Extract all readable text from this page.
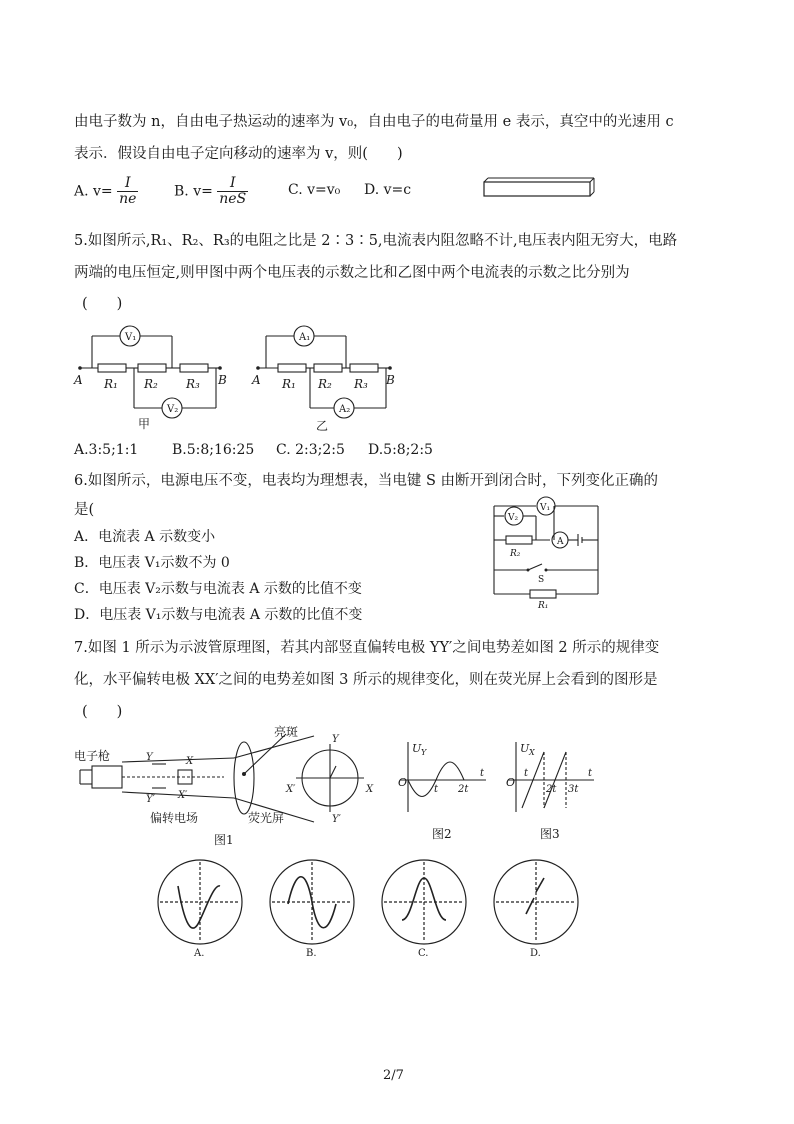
由电子数为 n，自由电子热运动的速率为 v₀，自由电子的电荷量用 e 表示，真空中的光速用 c
表示．假设自由电子定向移动的速率为 v，则(　　)
A. $v= \frac{I}{ne}$	B. $v= \frac{I}{\text{neS}}$	C. v=v₀ D. v=c
5.如图所示,R₁、R₂、R₃的电阻之比是 2∶3∶5,电流表内阻忽略不计,电压表内阻无穷大，电路
两端的电压恒定,则甲图中两个电压表的示数之比和乙图中两个电流表的示数之比分别为
(　　)
V₁
V₂
A	B
R₁ R₂ R₃
甲
A₁
A₂
A	B
R₁ R₂ R₃
乙
A.3:5;1:1 B.5:8;16:25 C. 2:3;2:5 D.5:8;2:5
6.如图所示，电源电压不变，电表均为理想表，当电键 S 由断开到闭合时，下列变化正确的
是(
A．电流表 A 示数变小
B．电压表 V₁示数不为 0
C．电压表 V₂示数与电流表 A 示数的比值不变
D．电压表 V₁示数与电流表 A 示数的比值不变
V₁
V₂
A
R₂
S
R₁
7.如图 1 所示为示波管原理图，若其内部竖直偏转电极 YY′之间电势差如图 2 所示的规律变
化，水平偏转电极 XX′之间的电势差如图 3 所示的规律变化，则在荧光屏上会看到的图形是
(　　)
电子枪
亮斑
偏转电场	荧光屏
Y
Y′
X
X′
Y
Y′
X
X′
图1
U Y
O
t 2t
t
图2
U X
O
t
2t 3t
t
图3
A.	B.	C.	D.
2/7
